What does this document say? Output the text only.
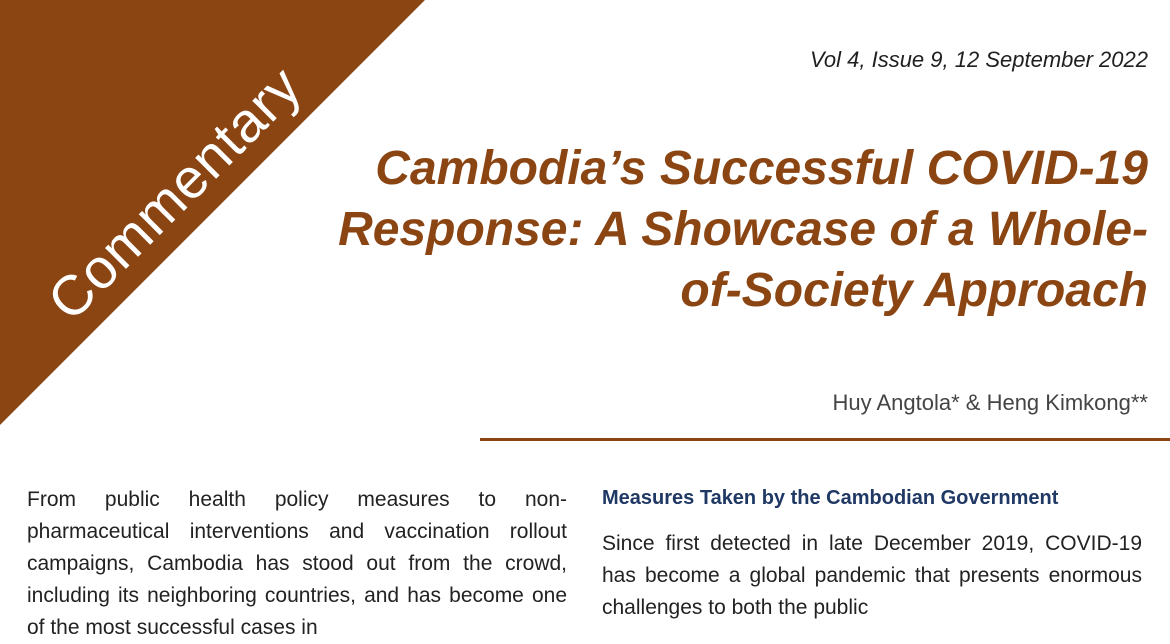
Commentary	Vol 4, Issue 9, 12 September 2022
Cambodia’s Successful COVID-19 Response: A Showcase of a Whole-of-Society Approach
Huy Angtola* & Heng Kimkong**

From public health policy measures to non-pharmaceutical interventions and vaccination rollout campaigns, Cambodia has stood out from the crowd, including its neighboring countries, and has become one of the most successful cases in

Measures Taken by the Cambodian Government

Since first detected in late December 2019, COVID-19 has become a global pandemic that presents enormous challenges to both the public
